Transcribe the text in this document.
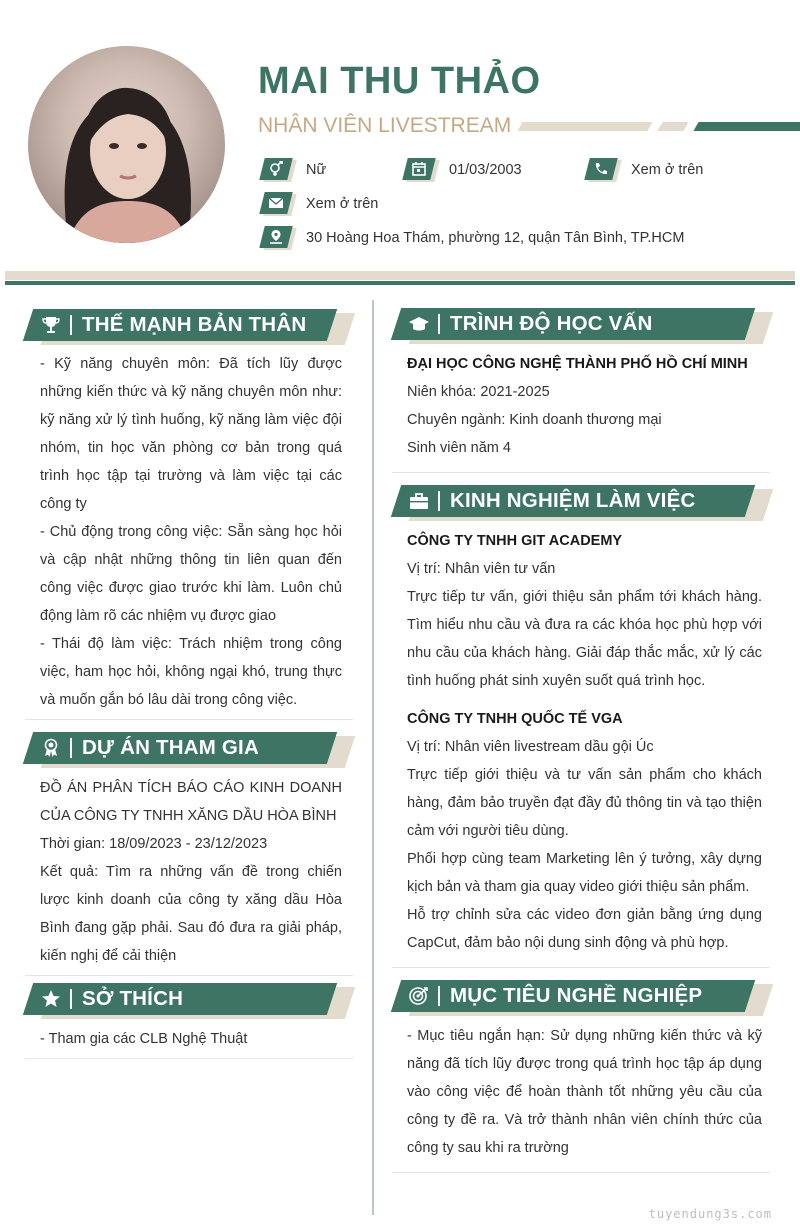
MAI THU THẢO
NHÂN VIÊN LIVESTREAM
Nữ	01/03/2003	Xem ở trên
Xem ở trên
30 Hoàng Hoa Thám, phường 12, quận Tân Bình, TP.HCM
THẾ MẠNH BẢN THÂN

- Kỹ năng chuyên môn: Đã tích lũy được những kiến thức và kỹ năng chuyên môn như: kỹ năng xử lý tình huống, kỹ năng làm việc đội nhóm, tin học văn phòng cơ bản trong quá trình học tập tại trường và làm việc tại các công ty

- Chủ động trong công việc: Sẵn sàng học hỏi và cập nhật những thông tin liên quan đến công việc được giao trước khi làm. Luôn chủ động làm rõ các nhiệm vụ được giao

- Thái độ làm việc: Trách nhiệm trong công việc, ham học hỏi, không ngại khó, trung thực và muốn gắn bó lâu dài trong công việc.

DỰ ÁN THAM GIA

ĐỒ ÁN PHÂN TÍCH BÁO CÁO KINH DOANH CỦA CÔNG TY TNHH XĂNG DẦU HÒA BÌNH

Thời gian: 18/09/2023 - 23/12/2023

Kết quả: Tìm ra những vấn đề trong chiến lược kinh doanh của công ty xăng dầu Hòa Bình đang gặp phải. Sau đó đưa ra giải pháp, kiến nghị để cải thiện

SỞ THÍCH

- Tham gia các CLB Nghệ Thuật

TRÌNH ĐỘ HỌC VẤN

ĐẠI HỌC CÔNG NGHỆ THÀNH PHỐ HỒ CHÍ MINH

Niên khóa: 2021-2025

Chuyên ngành: Kinh doanh thương mại

Sinh viên năm 4

KINH NGHIỆM LÀM VIỆC

CÔNG TY TNHH GIT ACADEMY

Vị trí: Nhân viên tư vấn

Trực tiếp tư vấn, giới thiệu sản phẩm tới khách hàng. Tìm hiểu nhu cầu và đưa ra các khóa học phù hợp với nhu cầu của khách hàng. Giải đáp thắc mắc, xử lý các tình huống phát sinh xuyên suốt quá trình học.

CÔNG TY TNHH QUỐC TẾ VGA

Vị trí: Nhân viên livestream dầu gội Úc

Trực tiếp giới thiệu và tư vấn sản phẩm cho khách hàng, đảm bảo truyền đạt đầy đủ thông tin và tạo thiện cảm với người tiêu dùng.

Phối hợp cùng team Marketing lên ý tưởng, xây dựng kịch bản và tham gia quay video giới thiệu sản phẩm.

Hỗ trợ chỉnh sửa các video đơn giản bằng ứng dụng CapCut, đảm bảo nội dung sinh động và phù hợp.

MỤC TIÊU NGHỀ NGHIỆP

- Mục tiêu ngắn hạn: Sử dụng những kiến thức và kỹ năng đã tích lũy được trong quá trình học tập áp dụng vào công việc để hoàn thành tốt những yêu cầu của công ty đề ra. Và trở thành nhân viên chính thức của công ty sau khi ra trường

tuyendung3s.com
